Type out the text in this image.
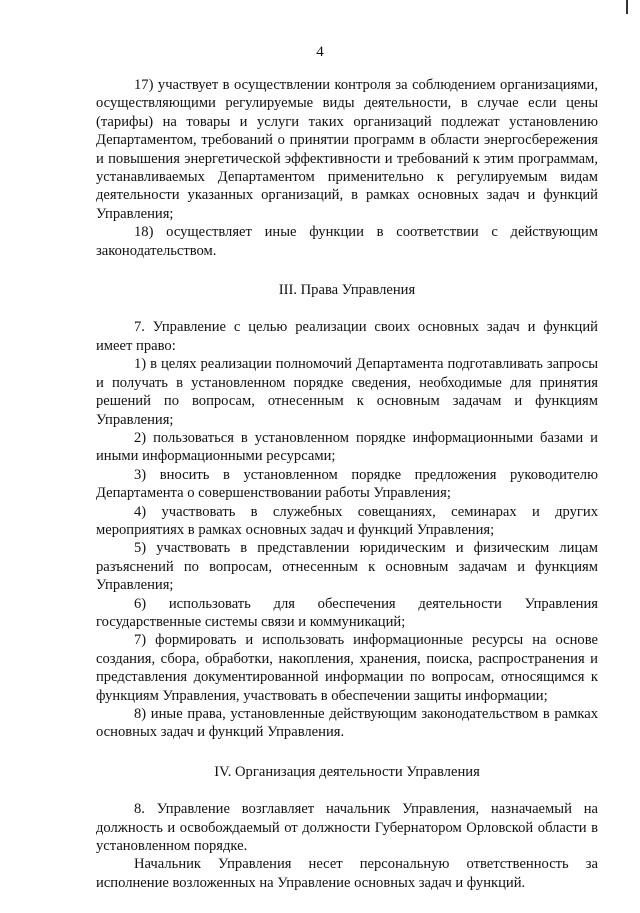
4

17) участвует в осуществлении контроля за соблюдением организациями, осуществляющими регулируемые виды деятельности, в случае если цены (тарифы) на товары и услуги таких организаций подлежат установлению Департаментом, требований о принятии программ в области энергосбережения и повышения энергетической эффективности и требований к этим программам, устанавливаемых Департаментом применительно к регулируемым видам деятельности указанных организаций, в рамках основных задач и функций Управления;

18) осуществляет иные функции в соответствии с действующим законодательством.

III. Права Управления

7. Управление с целью реализации своих основных задач и функций имеет право:

1) в целях реализации полномочий Департамента подготавливать запросы и получать в установленном порядке сведения, необходимые для принятия решений по вопросам, отнесенным к основным задачам и функциям Управления;

2) пользоваться в установленном порядке информационными базами и иными информационными ресурсами;

3) вносить в установленном порядке предложения руководителю Департамента о совершенствовании работы Управления;

4) участвовать в служебных совещаниях, семинарах и других мероприятиях в рамках основных задач и функций Управления;

5) участвовать в представлении юридическим и физическим лицам разъяснений по вопросам, отнесенным к основным задачам и функциям Управления;

6) использовать для обеспечения деятельности Управления государственные системы связи и коммуникаций;

7) формировать и использовать информационные ресурсы на основе создания, сбора, обработки, накопления, хранения, поиска, распространения и представления документированной информации по вопросам, относящимся к функциям Управления, участвовать в обеспечении защиты информации;

8) иные права, установленные действующим законодательством в рамках основных задач и функций Управления.

IV. Организация деятельности Управления

8. Управление возглавляет начальник Управления, назначаемый на должность и освобождаемый от должности Губернатором Орловской области в установленном порядке.

Начальник Управления несет персональную ответственность за исполнение возложенных на Управление основных задач и функций.
